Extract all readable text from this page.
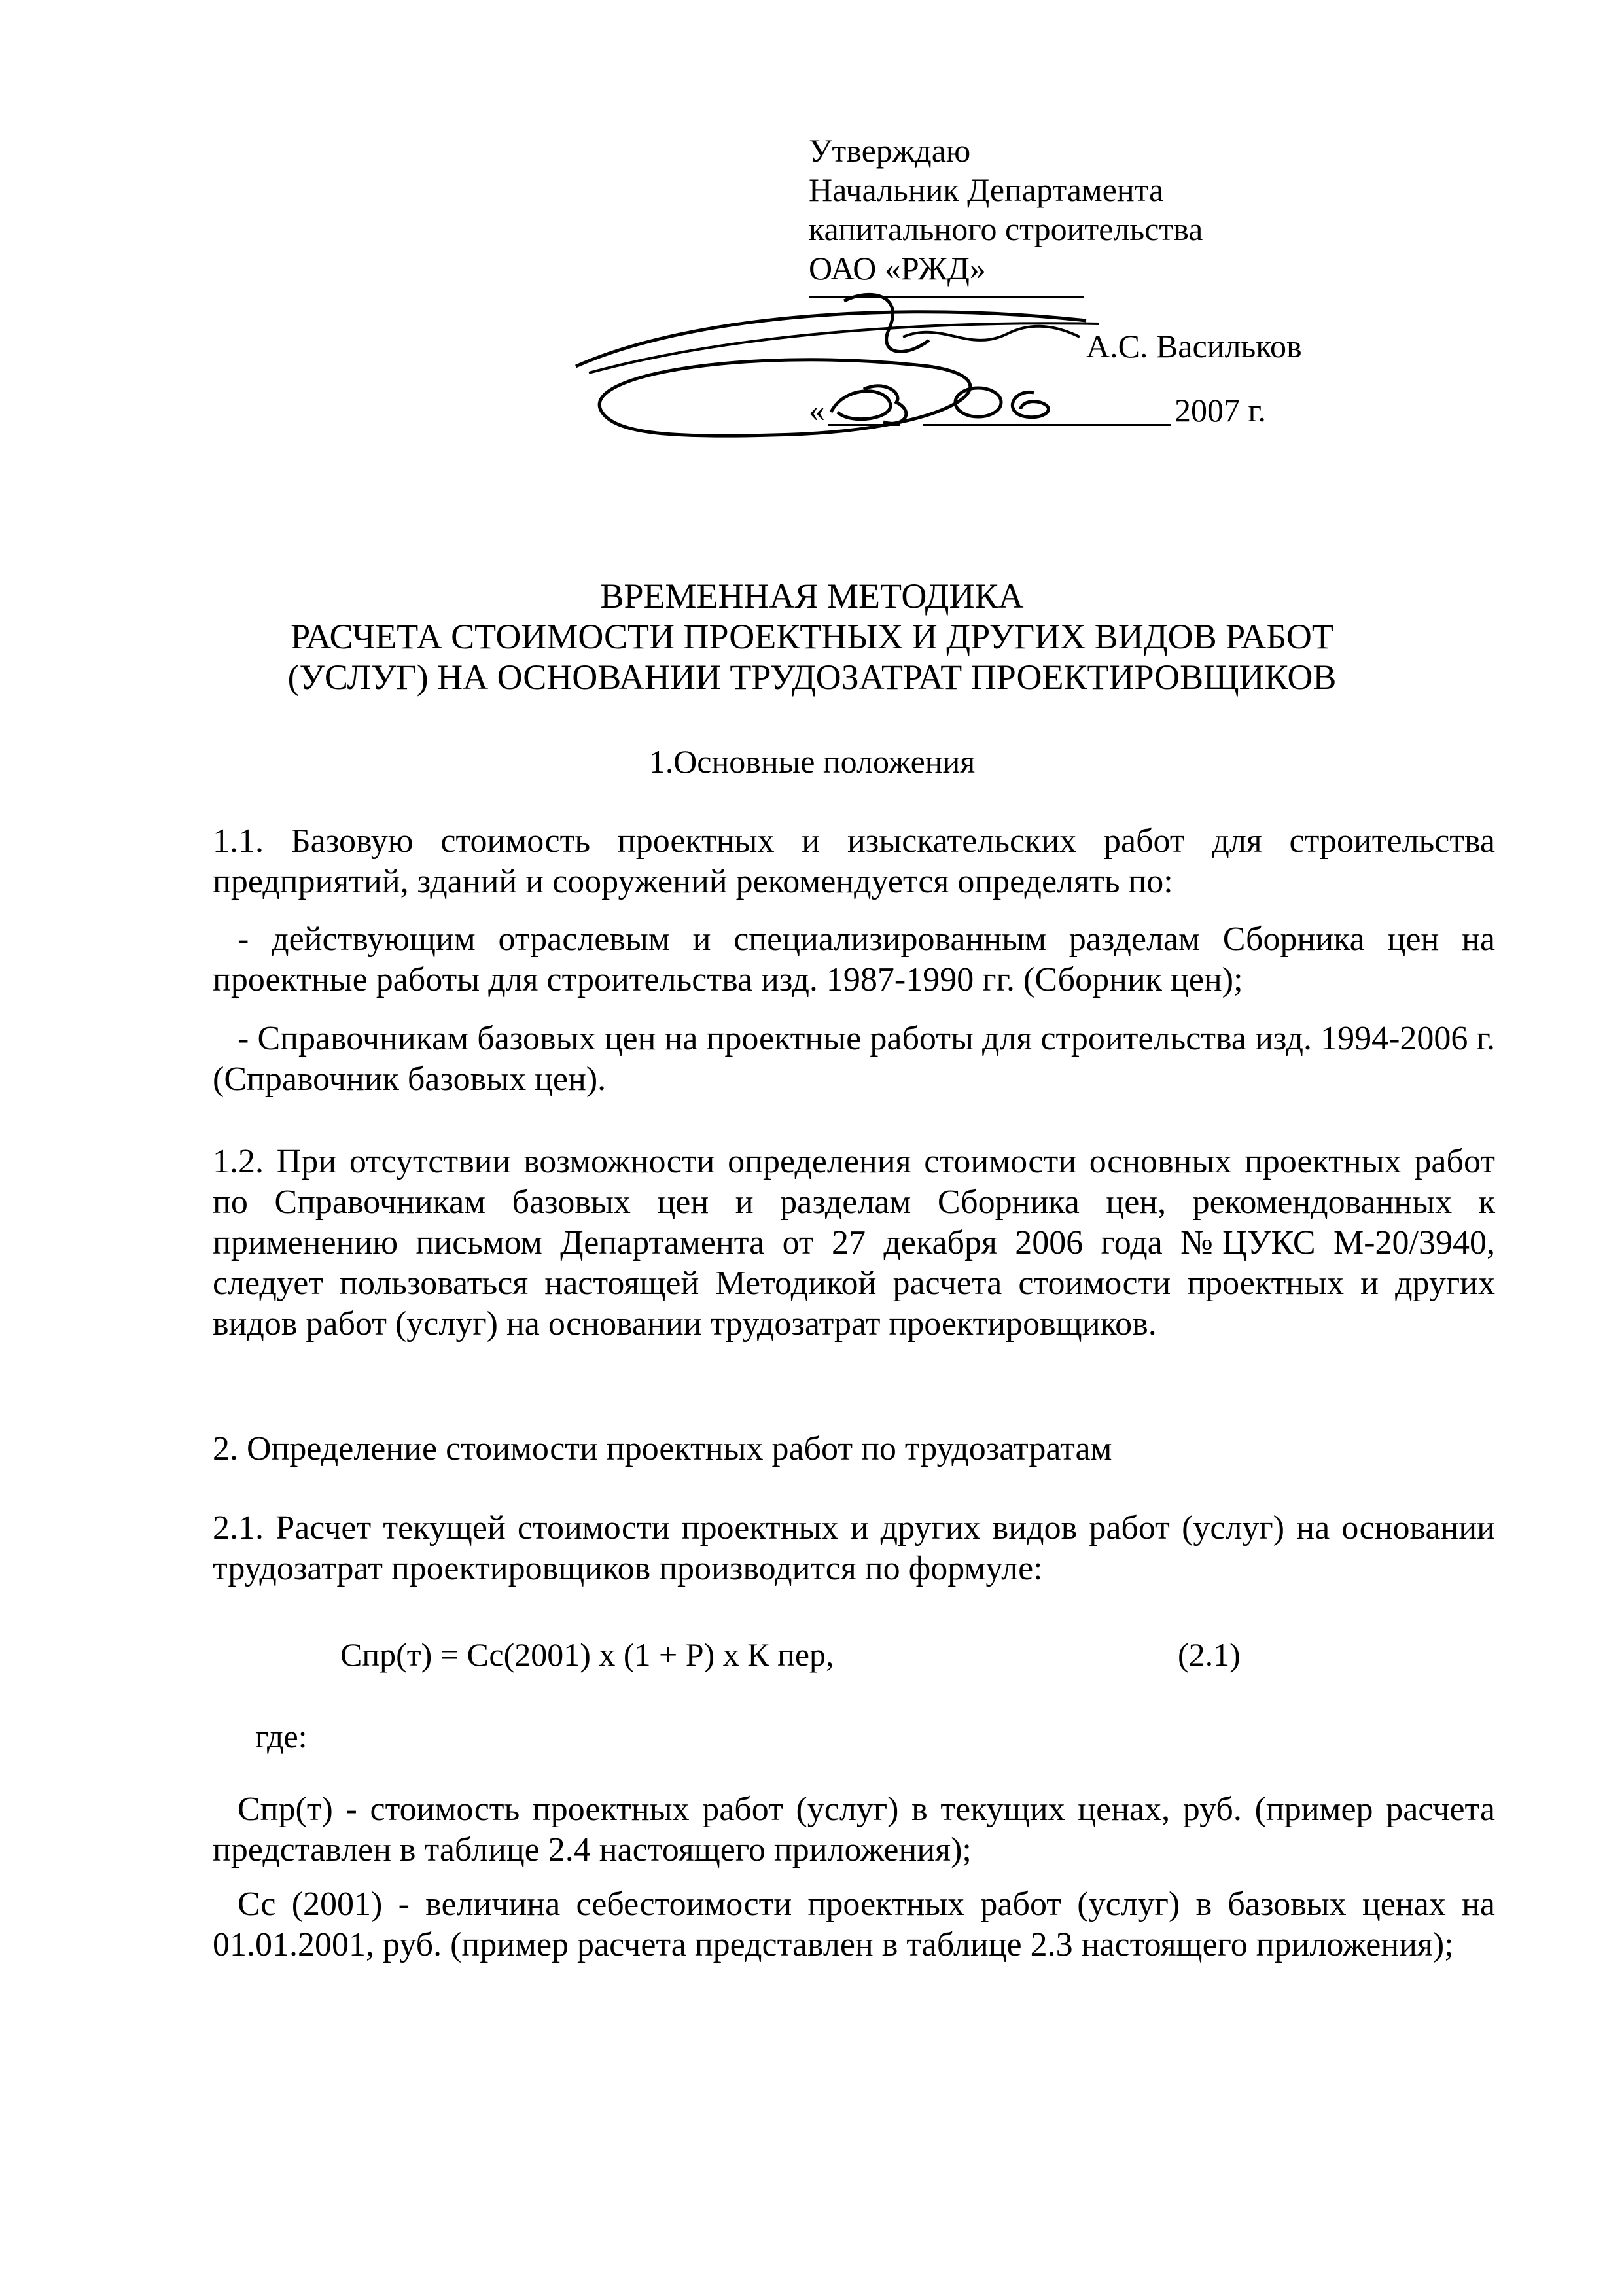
Утверждаю
Начальник Департамента
капитального строительства
ОАО «РЖД»
А.С. Васильков
«	2007 г.
ВРЕМЕННАЯ МЕТОДИКА
РАСЧЕТА СТОИМОСТИ ПРОЕКТНЫХ И ДРУГИХ ВИДОВ РАБОТ
(УСЛУГ) НА ОСНОВАНИИ ТРУДОЗАТРАТ ПРОЕКТИРОВЩИКОВ
1.Основные положения
1.1. Базовую стоимость проектных и изыскательских работ для строительства предприятий, зданий и сооружений рекомендуется определять по:
- действующим отраслевым и специализированным разделам Сборника цен на проектные работы для строительства изд. 1987-1990 гг. (Сборник цен);
- Справочникам базовых цен на проектные работы для строительства изд. 1994-2006 г. (Справочник базовых цен).
1.2. При отсутствии возможности определения стоимости основных проектных работ по Справочникам базовых цен и разделам Сборника цен, рекомендованных к применению письмом Департамента от 27 декабря 2006 года №ЦУКС М-20/3940, следует пользоваться настоящей Методикой расчета стоимости проектных и других видов работ (услуг) на основании трудозатрат проектировщиков.
2. Определение стоимости проектных работ по трудозатратам
2.1. Расчет текущей стоимости проектных и других видов работ (услуг) на основании трудозатрат проектировщиков производится по формуле:
Спр(т) = Сс(2001) х (1 + Р) х К пер,	(2.1)
где:
Спр(т) - стоимость проектных работ (услуг) в текущих ценах, руб. (пример расчета представлен в таблице 2.4 настоящего приложения);
Сс (2001) - величина себестоимости проектных работ (услуг) в базовых ценах на 01.01.2001, руб. (пример расчета представлен в таблице 2.3 настоящего приложения);
